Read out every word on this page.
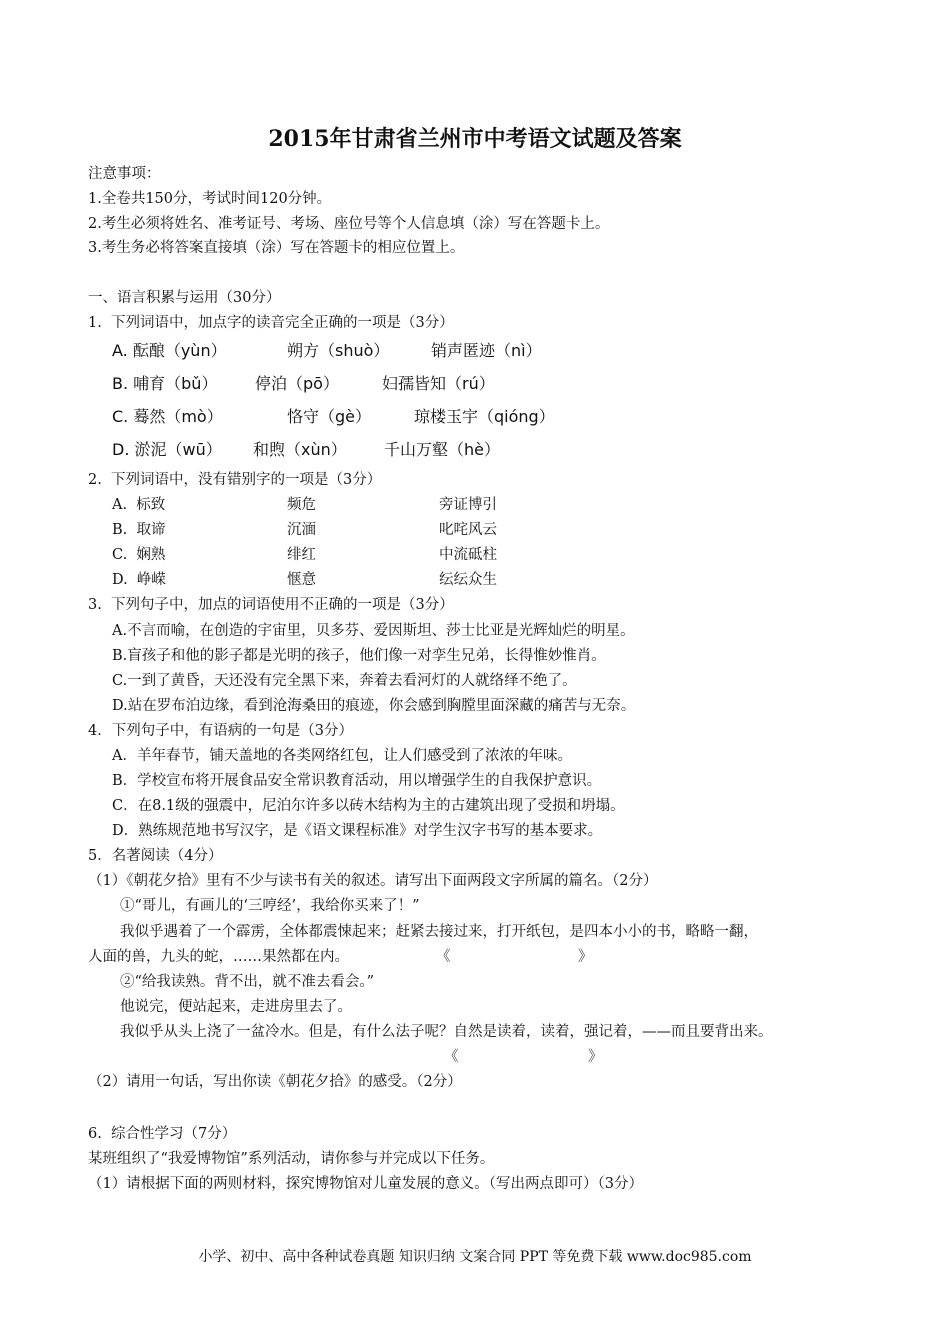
2015年甘肃省兰州市中考语文试题及答案
注意事项：
1.全卷共150分，考试时间120分钟。
2.考生必须将姓名、准考证号、考场、座位号等个人信息填（涂）写在答题卡上。
3.考生务必将答案直接填（涂）写在答题卡的相应位置上。
一、语言积累与运用（30分）
1.  下列词语中，加点字的读音完全正确的一项是（3分）
A. 酝酿（yùn）	朔方（shuò）	销声匿迹（nì）
B. 哺育（bǔ） 停泊（pō）	妇孺皆知（rú）
C. 蓦然（mò）	恪守（gè）	琼楼玉宇（qióng）
D. 淤泥（wū） 和煦（xùn） 千山万壑（hè）
2.  下列词语中，没有错别字的一项是（3分）
A.  标致	频危	旁证博引
B.  取谛	沉湎	叱咤风云
C.  娴熟	绯红	中流砥柱
D.  峥嵘	惬意	纭纭众生
3.  下列句子中，加点的词语使用不正确的一项是（3分）
A.不言而喻，在创造的宇宙里，贝多芬、爱因斯坦、莎士比亚是光辉灿烂的明星。
B.盲孩子和他的影子都是光明的孩子，他们像一对孪生兄弟，长得惟妙惟肖。
C.一到了黄昏，天还没有完全黑下来，奔着去看河灯的人就络绎不绝了。
D.站在罗布泊边缘，看到沧海桑田的痕迹，你会感到胸膛里面深藏的痛苦与无奈。
4．下列句子中，有语病的一句是（3分）
A．羊年春节，铺天盖地的各类网络红包，让人们感受到了浓浓的年味。
B．学校宣布将开展食品安全常识教育活动，用以增强学生的自我保护意识。
C．在8.1级的强震中，尼泊尔许多以砖木结构为主的古建筑出现了受损和坍塌。
D．熟练规范地书写汉字，是《语文课程标准》对学生汉字书写的基本要求。
5．名著阅读（4分）
（1）《朝花夕拾》里有不少与读书有关的叙述。请写出下面两段文字所属的篇名。（2分）
①“哥儿，有画儿的‘三哼经’，我给你买来了！”
我似乎遇着了一个霹雳，全体都震悚起来；赶紧去接过来，打开纸包，是四本小小的书，略略一翻，
人面的兽，九头的蛇，……果然都在内。	《	》
②“给我读熟。背不出，就不准去看会。”
他说完，便站起来，走进房里去了。
我似乎从头上浇了一盆冷水。但是，有什么法子呢？自然是读着，读着，强记着，——而且要背出来。
《	》
（2）请用一句话，写出你读《朝花夕拾》的感受。（2分）
6.  综合性学习（7分）
某班组织了“我爱博物馆”系列活动，请你参与并完成以下任务。
（1）请根据下面的两则材料，探究博物馆对儿童发展的意义。（写出两点即可）（3分）
小学、初中、高中各种试卷真题 知识归纳 文案合同 PPT 等免费下载 www.doc985.com
